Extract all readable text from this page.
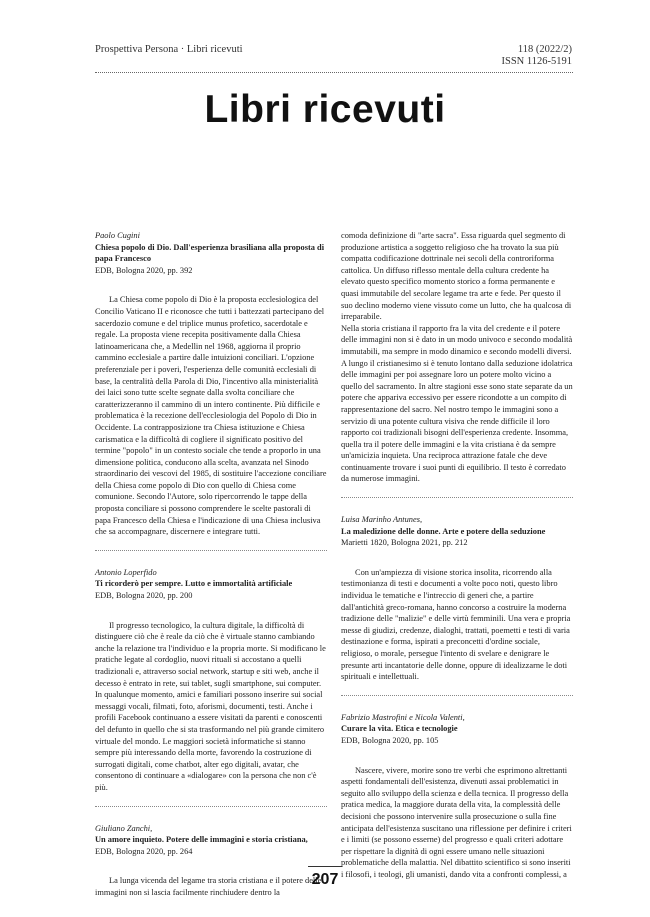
Prospettiva Persona · Libri ricevuti	118 (2022/2)
ISSN 1126-5191
Libri ricevuti
Paolo Cugini
Chiesa popolo di Dio. Dall'esperienza brasiliana alla proposta di papa Francesco
EDB, Bologna 2020, pp. 392
La Chiesa come popolo di Dio è la proposta ecclesiologica del Concilio Vaticano II e riconosce che tutti i battezzati partecipano del sacerdozio comune e del triplice munus profetico, sacerdotale e regale. La proposta viene recepita positivamente dalla Chiesa latinoamericana che, a Medellin nel 1968, aggiorna il proprio cammino ecclesiale a partire dalle intuizioni conciliari. L'opzione preferenziale per i poveri, l'esperienza delle comunità ecclesiali di base, la centralità della Parola di Dio, l'incentivo alla ministerialità dei laici sono tutte scelte segnate dalla svolta conciliare che caratterizzeranno il cammino di un intero continente. Più difficile e problematica è la recezione dell'ecclesiologia del Popolo di Dio in Occidente. La contrapposizione tra Chiesa istituzione e Chiesa carismatica e la difficoltà di cogliere il significato positivo del termine "popolo" in un contesto sociale che tende a proporlo in una dimensione politica, conducono alla scelta, avanzata nel Sinodo straordinario dei vescovi del 1985, di sostituire l'accezione conciliare della Chiesa come popolo di Dio con quello di Chiesa come comunione. Secondo l'Autore, solo ripercorrendo le tappe della proposta conciliare si possono comprendere le scelte pastorali di papa Francesco della Chiesa e l'indicazione di una Chiesa inclusiva che sa accompagnare, discernere e integrare tutti.
Antonio Loperfido
Ti ricorderò per sempre. Lutto e immortalità artificiale
EDB, Bologna 2020, pp. 200
Il progresso tecnologico, la cultura digitale, la difficoltà di distinguere ciò che è reale da ciò che è virtuale stanno cambiando anche la relazione tra l'individuo e la propria morte. Si modificano le pratiche legate al cordoglio, nuovi rituali si accostano a quelli tradizionali e, attraverso social network, startup e siti web, anche il decesso è entrato in rete, sui tablet, sugli smartphone, sui computer. In qualunque momento, amici e familiari possono inserire sui social messaggi vocali, filmati, foto, aforismi, documenti, testi. Anche i profili Facebook continuano a essere visitati da parenti e conoscenti del defunto in quello che si sta trasformando nel più grande cimitero virtuale del mondo. Le maggiori società informatiche si stanno sempre più interessando della morte, favorendo la costruzione di surrogati digitali, come chatbot, alter ego digitali, avatar, che consentono di continuare a «dialogare» con la persona che non c'è più.
Giuliano Zanchi,
Un amore inquieto. Potere delle immagini e storia cristiana,
EDB, Bologna 2020, pp. 264
La lunga vicenda del legame tra storia cristiana e il potere delle immagini non si lascia facilmente rinchiudere dentro la
comoda definizione di "arte sacra". Essa riguarda quel segmento di produzione artistica a soggetto religioso che ha trovato la sua più compatta codificazione dottrinale nei secoli della controriforma cattolica. Un diffuso riflesso mentale della cultura credente ha elevato questo specifico momento storico a forma permanente e quasi immutabile del secolare legame tra arte e fede. Per questo il suo declino moderno viene vissuto come un lutto, che ha qualcosa di irreparabile.
Nella storia cristiana il rapporto fra la vita del credente e il potere delle immagini non si è dato in un modo univoco e secondo modalità immutabili, ma sempre in modo dinamico e secondo modelli diversi. A lungo il cristianesimo si è tenuto lontano dalla seduzione idolatrica delle immagini per poi assegnare loro un potere molto vicino a quello del sacramento. In altre stagioni esse sono state separate da un potere che appariva eccessivo per essere ricondotte a un compito di rappresentazione del sacro. Nel nostro tempo le immagini sono a servizio di una potente cultura visiva che rende difficile il loro rapporto coi tradizionali bisogni dell'esperienza credente. Insomma, quella tra il potere delle immagini e la vita cristiana è da sempre un'amicizia inquieta. Una reciproca attrazione fatale che deve continuamente trovare i suoi punti di equilibrio. Il testo è corredato da numerose immagini.
Luisa Marinho Antunes,
La maledizione delle donne. Arte e potere della seduzione
Marietti 1820, Bologna 2021, pp. 212
Con un'ampiezza di visione storica insolita, ricorrendo alla testimonianza di testi e documenti a volte poco noti, questo libro individua le tematiche e l'intreccio di generi che, a partire dall'antichità greco-romana, hanno concorso a costruire la moderna tradizione delle "malizie" e delle virtù femminili. Una vera e propria messe di giudizi, credenze, dialoghi, trattati, poemetti e testi di varia destinazione e forma, ispirati a preconcetti d'ordine sociale, religioso, o morale, perseguе l'intento di svelare e denigrare le presunte arti incantatorie delle donne, oppure di idealizzarne le doti spirituali e intellettuali.
Fabrizio Mastrofini e Nicola Valenti,
Curare la vita. Etica e tecnologie
EDB, Bologna 2020, pp. 105
Nascere, vivere, morire sono tre verbi che esprimono altrettanti aspetti fondamentali dell'esistenza, divenuti assai problematici in seguito allo sviluppo della scienza e della tecnica. Il progresso della pratica medica, la maggiore durata della vita, la complessità delle decisioni che possono intervenire sulla prosecuzione o sulla fine anticipata dell'esistenza suscitano una riflessione per definire i criteri e i limiti (se possono esserne) del progresso e quali criteri adottare per rispettare la dignità di ogni essere umano nelle situazioni problematiche della malattia. Nel dibattito scientifico si sono inseriti i filosofi, i teologi, gli umanisti, dando vita a confronti complessi, a
207
